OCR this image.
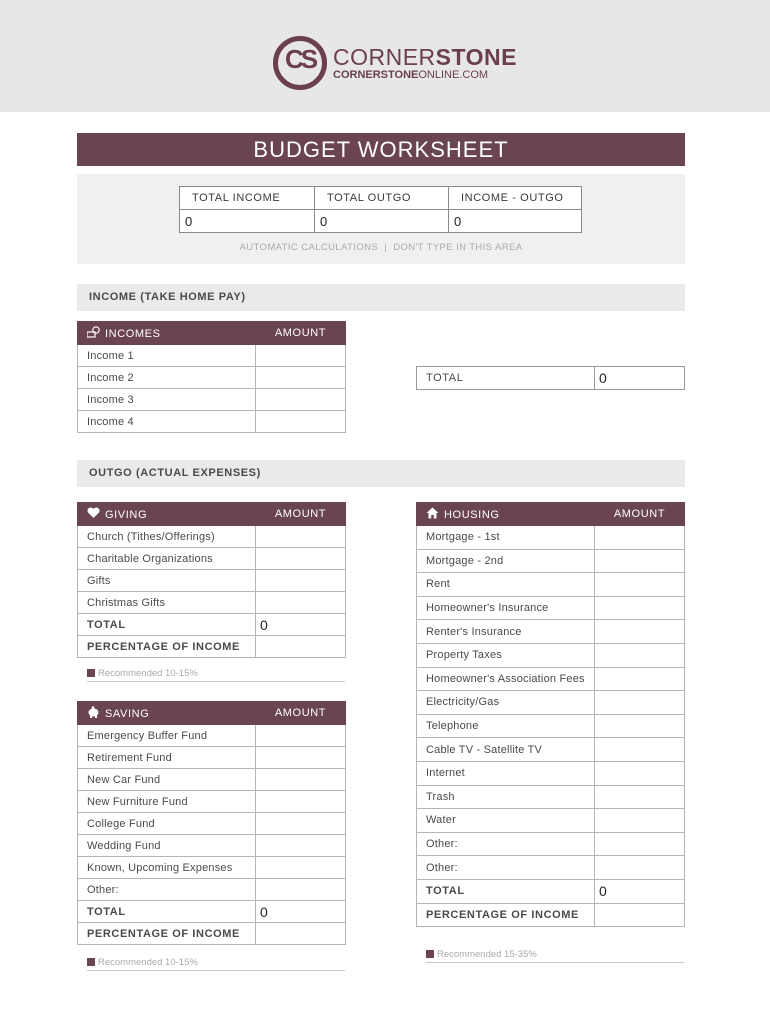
CS CORNERSTONE
CORNERSTONEONLINE.COM
BUDGET WORKSHEET
TOTAL INCOME	TOTAL OUTGO	INCOME - OUTGO
0	0	0
AUTOMATIC CALCULATIONS  |  DON'T TYPE IN THIS AREA
INCOME (TAKE HOME PAY)
INCOMES	AMOUNT
Income 1	
Income 2	
Income 3	
Income 4	
TOTAL	0
OUTGO (ACTUAL EXPENSES)
GIVING	AMOUNT
Church (Tithes/Offerings)	
Charitable Organizations	
Gifts	
Christmas Gifts	
TOTAL	0
PERCENTAGE OF INCOME	
Recommended 10-15%
SAVING	AMOUNT
Emergency Buffer Fund	
Retirement Fund	
New Car Fund	
New Furniture Fund	
College Fund	
Wedding Fund	
Known, Upcoming Expenses	
Other:	
TOTAL	0
PERCENTAGE OF INCOME	
Recommended 10-15%
HOUSING	AMOUNT
Mortgage - 1st	
Mortgage - 2nd	
Rent	
Homeowner's Insurance	
Renter's Insurance	
Property Taxes	
Homeowner's Association Fees	
Electricity/Gas	
Telephone	
Cable TV - Satellite TV	
Internet	
Trash	
Water	
Other:	
Other:	
TOTAL	0
PERCENTAGE OF INCOME	
Recommended 15-35%
